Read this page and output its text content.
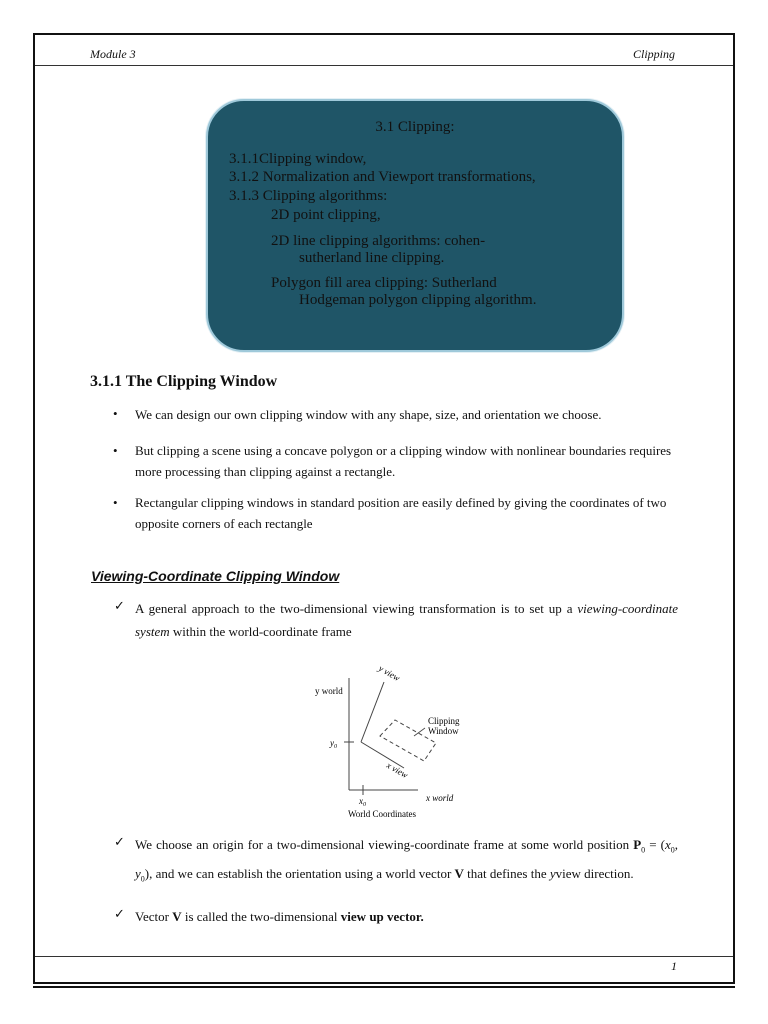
Module 3	Clipping
3.1 Clipping:
3.1.1Clipping window,
3.1.2 Normalization and Viewport transformations,
3.1.3 Clipping algorithms:
2D point clipping,
2D line clipping algorithms: cohen-
sutherland line clipping.
Polygon fill area clipping: Sutherland
Hodgeman polygon clipping algorithm.
3.1.1 The Clipping Window
•	We can design our own clipping window with any shape, size, and orientation we choose.
•	But clipping a scene using a concave polygon or a clipping window with nonlinear boundaries requires more processing than clipping against a rectangle.
•	Rectangular clipping windows in standard position are easily defined by giving the coordinates of two opposite corners of each rectangle
Viewing-Coordinate Clipping Window
✓ A general approach to the two-dimensional viewing transformation is to set up a viewing-coordinate system within the world-coordinate frame
y world
y view
Clipping
Window
$y_0$
x view
$x_0$
x world
World Coordinates
✓ We choose an origin for a two-dimensional viewing-coordinate frame at some world position $P_0 = (x_0$, $y_0$), and we can establish the orientation using a world vector V that defines the yview direction.
✓ Vector V is called the two-dimensional view up vector.
1
